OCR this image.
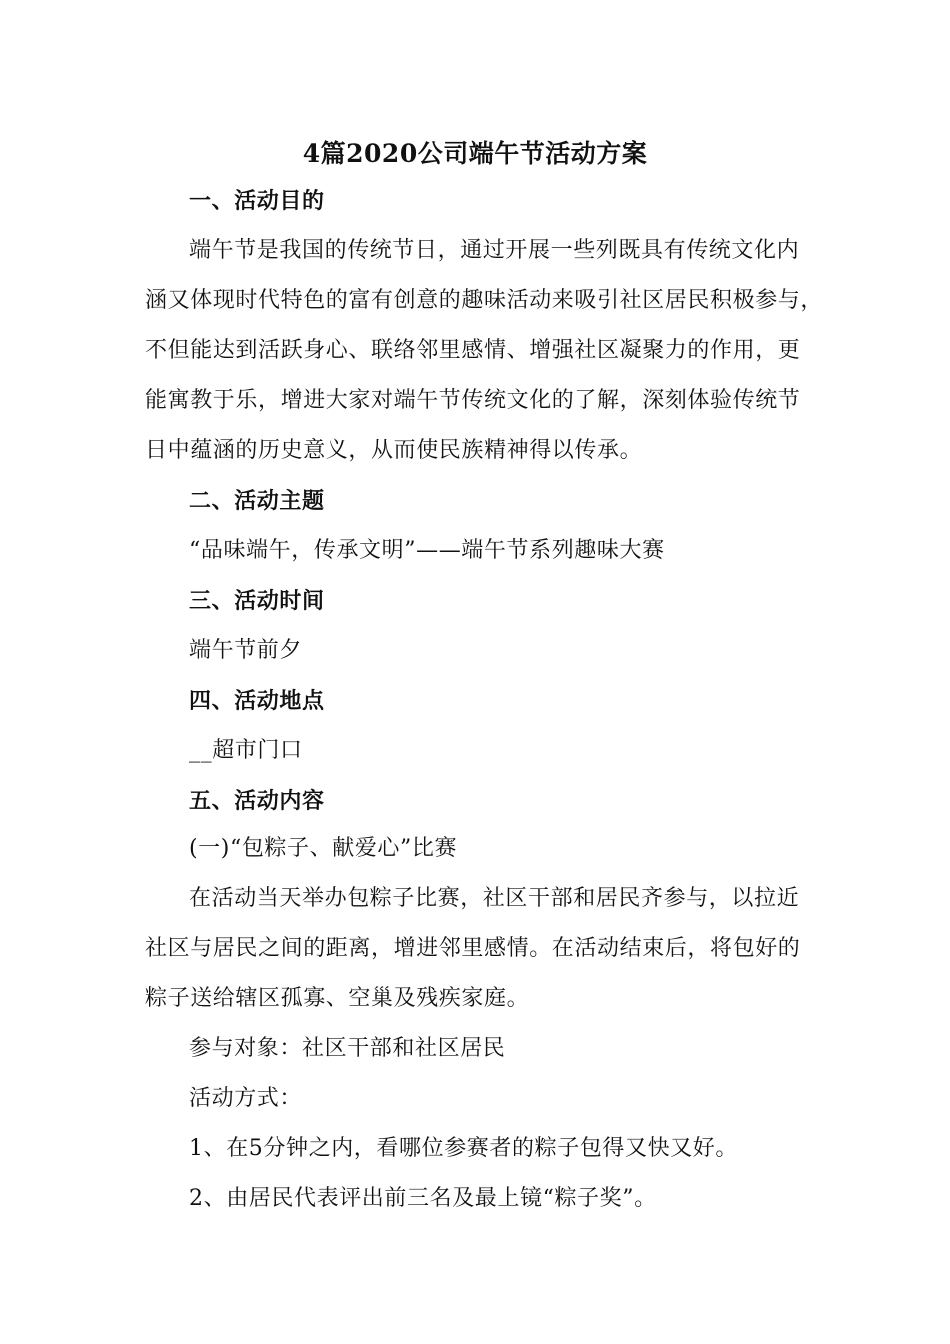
4篇2020公司端午节活动方案
一、活动目的
端午节是我国的传统节日，通过开展一些列既具有传统文化内
涵又体现时代特色的富有创意的趣味活动来吸引社区居民积极参与，
不但能达到活跃身心、联络邻里感情、增强社区凝聚力的作用，更
能寓教于乐，增进大家对端午节传统文化的了解，深刻体验传统节
日中蕴涵的历史意义，从而使民族精神得以传承。
二、活动主题
“品味端午，传承文明”——端午节系列趣味大赛
三、活动时间
端午节前夕
四、活动地点
__超市门口
五、活动内容
(一)“包粽子、献爱心”比赛
在活动当天举办包粽子比赛，社区干部和居民齐参与，以拉近
社区与居民之间的距离，增进邻里感情。在活动结束后，将包好的
粽子送给辖区孤寡、空巢及残疾家庭。
参与对象：社区干部和社区居民
活动方式：
1、在5分钟之内，看哪位参赛者的粽子包得又快又好。
2、由居民代表评出前三名及最上镜“粽子奖”。
